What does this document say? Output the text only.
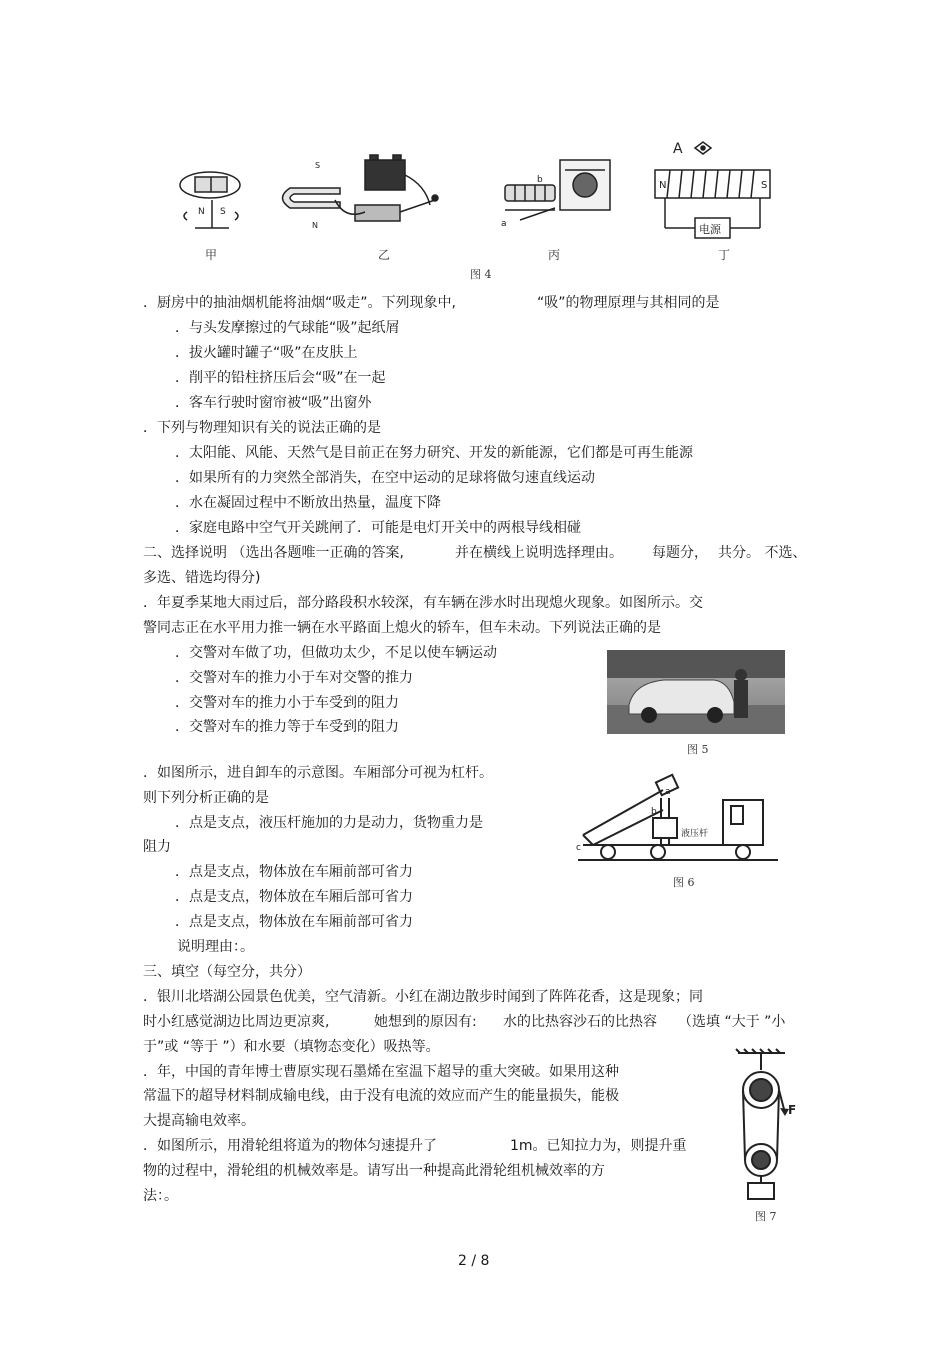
N S
S
N
b
a
A
N	S
电源
甲	乙	丙	丁
图 4
．厨房中的抽油烟机能将油烟“吸走”。下列现象中,	“吸”的物理原理与其相同的是
．与头发摩擦过的气球能“吸”起纸屑
．拔火罐时罐子“吸”在皮肤上
．削平的铅柱挤压后会“吸”在一起
．客车行驶时窗帘被“吸”出窗外
．下列与物理知识有关的说法正确的是
．太阳能、风能、天然气是目前正在努力研究、开发的新能源，它们都是可再生能源
．如果所有的力突然全部消失，在空中运动的足球将做匀速直线运动
．水在凝固过程中不断放出热量，温度下降
．家庭电路中空气开关跳闸了．可能是电灯开关中的两根导线相碰
二、选择说明 （选出各题唯一正确的答案,	并在横线上说明选择理由。 每题分， 共分。 不选、
多选、错选均得分)
．年夏季某地大雨过后，部分路段积水较深，有车辆在涉水时出现熄火现象。如图所示。交
警同志正在水平用力推一辆在水平路面上熄火的轿车，但车未动。下列说法正确的是
．交警对车做了功，但做功太少，不足以使车辆运动
．交警对车的推力小于车对交警的推力
．交警对车的推力小于车受到的阻力
．交警对车的推力等于车受到的阻力
图 5
．如图所示，进自卸车的示意图。车厢部分可视为杠杆。
则下列分析正确的是
．点是支点，液压杆施加的力是动力，货物重力是
阻力
．点是支点，物体放在车厢前部可省力
．点是支点，物体放在车厢后部可省力
．点是支点，物体放在车厢前部可省力
说明理由：。
a
b
c
液压杆
图 6
三、填空（每空分，共分）
．银川北塔湖公园景色优美，空气清新。小红在湖边散步时闻到了阵阵花香，这是现象；同
时小红感觉湖边比周边更凉爽,	她想到的原因有: 水的比热容沙石的比热容 （选填 “大于 ”小
于”或 “等于 ”）和水要（填物态变化）吸热等。
．年，中国的青年博士曹原实现石墨烯在室温下超导的重大突破。如果用这种
常温下的超导材料制成输电线，由于没有电流的效应而产生的能量损失，能极
大提高输电效率。
．如图所示，用滑轮组将道为的物体匀速提升了	1m。已知拉力为，则提升重
物的过程中，滑轮组的机械效率是。请写出一种提高此滑轮组机械效率的方
法：。
F
图 7
2 / 8
